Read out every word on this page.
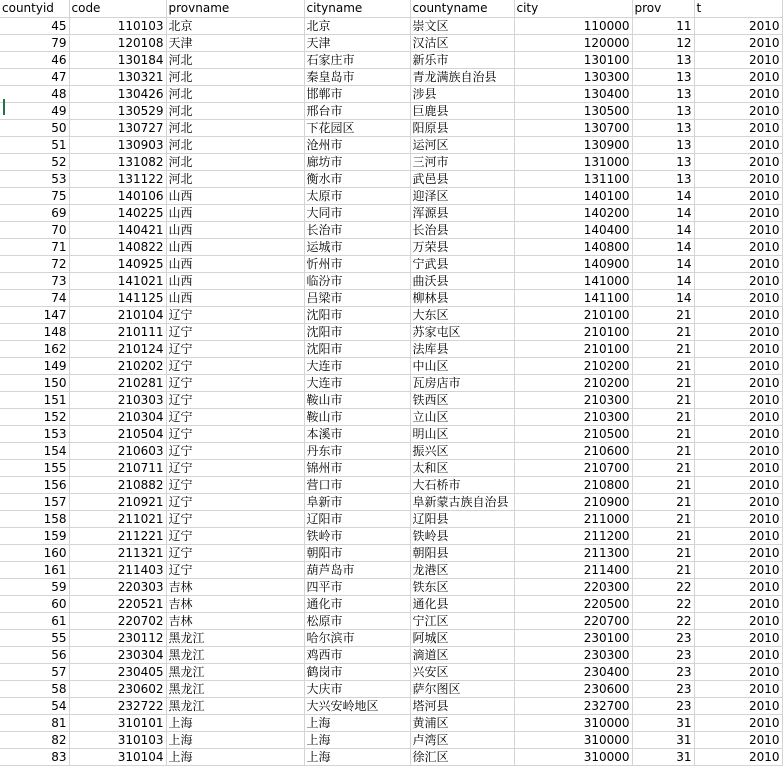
countyid	code	provname	cityname	countyname	city	prov	t
45	110103	北京	北京	崇文区	110000	11	2010
79	120108	天津	天津	汉沽区	120000	12	2010
46	130184	河北	石家庄市	新乐市	130100	13	2010
47	130321	河北	秦皇岛市	青龙满族自治县	130300	13	2010
48	130426	河北	邯郸市	涉县	130400	13	2010
49	130529	河北	邢台市	巨鹿县	130500	13	2010
50	130727	河北	下花园区	阳原县	130700	13	2010
51	130903	河北	沧州市	运河区	130900	13	2010
52	131082	河北	廊坊市	三河市	131000	13	2010
53	131122	河北	衡水市	武邑县	131100	13	2010
75	140106	山西	太原市	迎泽区	140100	14	2010
69	140225	山西	大同市	浑源县	140200	14	2010
70	140421	山西	长治市	长治县	140400	14	2010
71	140822	山西	运城市	万荣县	140800	14	2010
72	140925	山西	忻州市	宁武县	140900	14	2010
73	141021	山西	临汾市	曲沃县	141000	14	2010
74	141125	山西	吕梁市	柳林县	141100	14	2010
147	210104	辽宁	沈阳市	大东区	210100	21	2010
148	210111	辽宁	沈阳市	苏家屯区	210100	21	2010
162	210124	辽宁	沈阳市	法库县	210100	21	2010
149	210202	辽宁	大连市	中山区	210200	21	2010
150	210281	辽宁	大连市	瓦房店市	210200	21	2010
151	210303	辽宁	鞍山市	铁西区	210300	21	2010
152	210304	辽宁	鞍山市	立山区	210300	21	2010
153	210504	辽宁	本溪市	明山区	210500	21	2010
154	210603	辽宁	丹东市	振兴区	210600	21	2010
155	210711	辽宁	锦州市	太和区	210700	21	2010
156	210882	辽宁	营口市	大石桥市	210800	21	2010
157	210921	辽宁	阜新市	阜新蒙古族自治县	210900	21	2010
158	211021	辽宁	辽阳市	辽阳县	211000	21	2010
159	211221	辽宁	铁岭市	铁岭县	211200	21	2010
160	211321	辽宁	朝阳市	朝阳县	211300	21	2010
161	211403	辽宁	葫芦岛市	龙港区	211400	21	2010
59	220303	吉林	四平市	铁东区	220300	22	2010
60	220521	吉林	通化市	通化县	220500	22	2010
61	220702	吉林	松原市	宁江区	220700	22	2010
55	230112	黑龙江	哈尔滨市	阿城区	230100	23	2010
56	230304	黑龙江	鸡西市	滴道区	230300	23	2010
57	230405	黑龙江	鹤岗市	兴安区	230400	23	2010
58	230602	黑龙江	大庆市	萨尔图区	230600	23	2010
54	232722	黑龙江	大兴安岭地区	塔河县	232700	23	2010
81	310101	上海	上海	黄浦区	310000	31	2010
82	310103	上海	上海	卢湾区	310000	31	2010
83	310104	上海	上海	徐汇区	310000	31	2010
